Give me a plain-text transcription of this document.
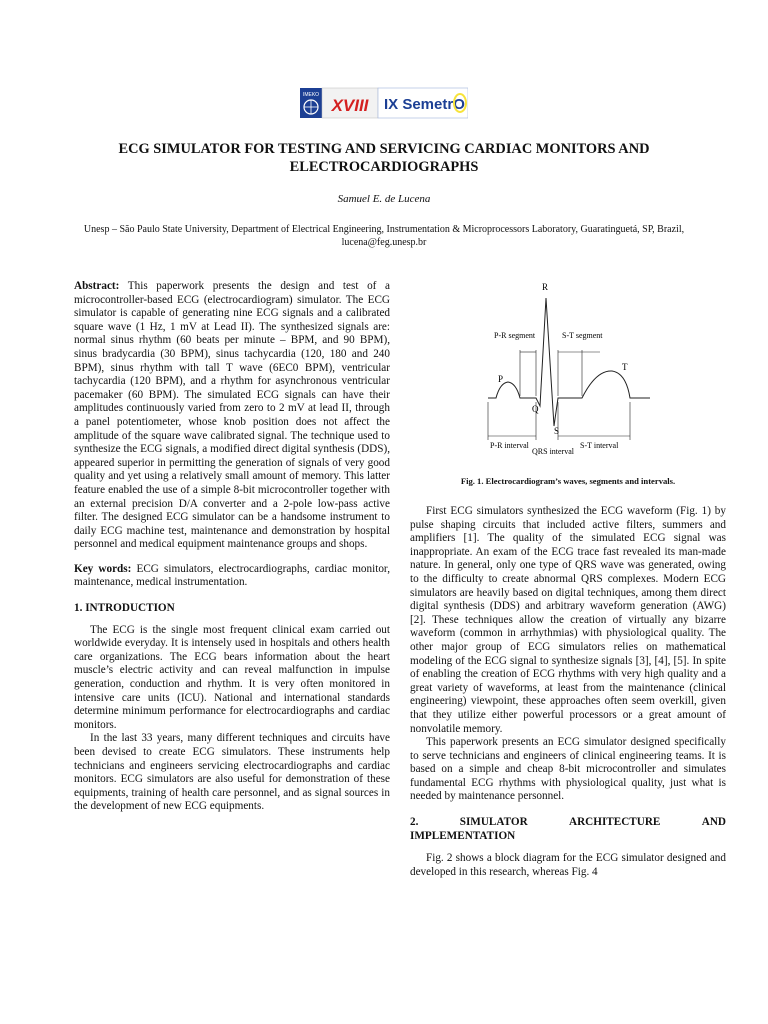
IMEKO
XVIII IX SemetrO
ECG SIMULATOR FOR TESTING AND SERVICING CARDIAC MONITORS AND ELECTROCARDIOGRAPHS
Samuel E. de Lucena
Unesp – São Paulo State University, Department of Electrical Engineering, Instrumentation & Microprocessors Laboratory, Guaratinguetá, SP, Brazil, lucena@feg.unesp.br

Abstract: This paperwork presents the design and test of a microcontroller-based ECG (electrocardiogram) simulator. The ECG simulator is capable of generating nine ECG signals and a calibrated square wave (1 Hz, 1 mV at Lead II). The synthesized signals are: normal sinus rhythm (60 beats per minute – BPM, and 90 BPM), sinus bradycardia (30 BPM), sinus tachycardia (120, 180 and 240 BPM), sinus rhythm with tall T wave (6EC0 BPM), ventricular tachycardia (120 BPM), and a rhythm for asynchronous ventricular pacemaker (60 BPM). The simulated ECG signals can have their amplitudes continuously varied from zero to 2 mV at lead II, through a panel potentiometer, whose knob position does not affect the amplitude of the square wave calibrated signal. The technique used to synthesize the ECG signals, a modified direct digital synthesis (DDS), appeared superior in permitting the generation of signals of very good quality and yet using a relatively small amount of memory. This latter feature enabled the use of a simple 8-bit microcontroller together with an external precision D/A converter and a 2-pole low-pass active filter. The designed ECG simulator can be a handsome instrument to daily ECG machine test, maintenance and demonstration by hospital personnel and medical equipment maintenance groups and shops.

Key words: ECG simulators, electrocardiographs, cardiac monitor, maintenance, medical instrumentation.

1. INTRODUCTION

The ECG is the single most frequent clinical exam carried out worldwide everyday. It is intensely used in hospitals and others health care organizations. The ECG bears information about the heart muscle’s electric activity and can reveal malfunction in impulse generation, conduction and rhythm. It is very often monitored in intensive care units (ICU). National and international standards determine minimum performance for electrocardiographs and cardiac monitors.

In the last 33 years, many different techniques and circuits have been devised to create ECG simulators. These instruments help technicians and engineers servicing electrocardiographs and cardiac monitors. ECG simulators are also useful for demonstration of these equipments, training of health care personnel, and as signal sources in the development of new ECG equipments.

R
P
Q
S
T
P-R segment	S-T segment
P-R interval
QRS interval
S-T interval
Fig. 1. Electrocardiogram’s waves, segments and intervals.

First ECG simulators synthesized the ECG waveform (Fig. 1) by pulse shaping circuits that included active filters, summers and amplifiers [1]. The quality of the simulated ECG signal was inappropriate. An exam of the ECG trace fast revealed its man-made nature. In general, only one type of QRS wave was generated, owing to the difficulty to create abnormal QRS complexes. Modern ECG simulators are heavily based on digital techniques, among them direct digital synthesis (DDS) and arbitrary waveform generation (AWG) [2]. These techniques allow the creation of virtually any bizarre waveform (common in arrhythmias) with physiological quality. The other major group of ECG simulators relies on mathematical modeling of the ECG signal to synthesize signals [3], [4], [5]. In spite of enabling the creation of ECG rhythms with very high quality and a great variety of waveforms, at least from the maintenance (clinical engineering) viewpoint, these approaches often seem overkill, given that they utilize either powerful processors or a great amount of nonvolatile memory.

This paperwork presents an ECG simulator designed specifically to serve technicians and engineers of clinical engineering teams. It is based on a simple and cheap 8-bit microcontroller and simulates fundamental ECG rhythms with physiological quality, just what is needed by maintenance personnel.

2.	SIMULATOR	ARCHITECTURE	AND
IMPLEMENTATION

Fig. 2 shows a block diagram for the ECG simulator designed and developed in this research, whereas Fig. 4
